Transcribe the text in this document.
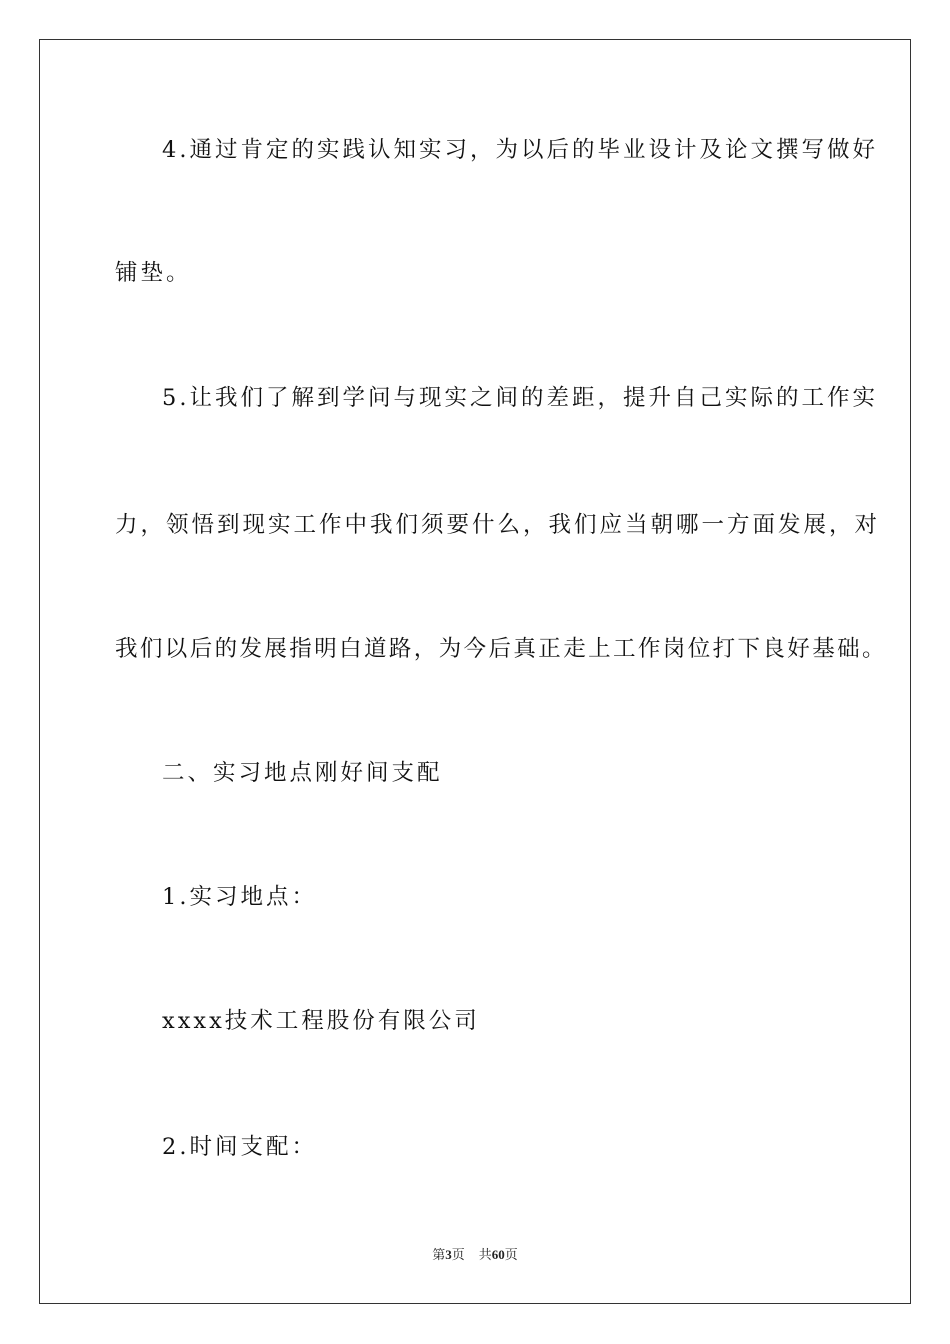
4.通过肯定的实践认知实习，为以后的毕业设计及论文撰写做好
铺垫。
5.让我们了解到学问与现实之间的差距，提升自己实际的工作实
力，领悟到现实工作中我们须要什么，我们应当朝哪一方面发展，对
我们以后的发展指明白道路，为今后真正走上工作岗位打下良好基础。
二、实习地点刚好间支配
1.实习地点：
xxxx技术工程股份有限公司
2.时间支配：
第3页 共60页
